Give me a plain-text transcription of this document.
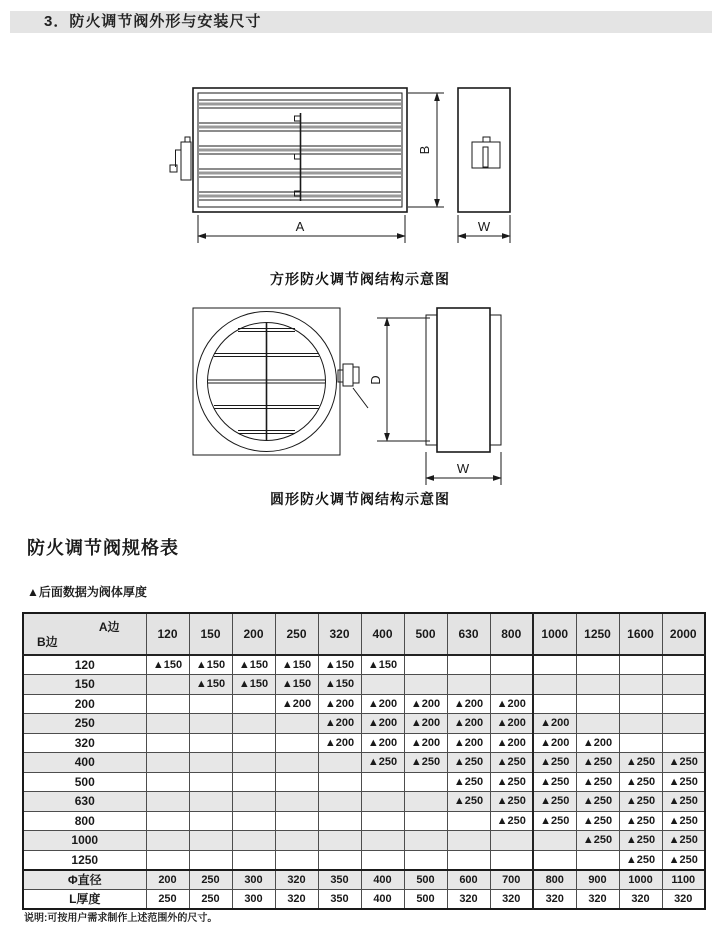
3．防火调节阀外形与安装尺寸
B
A	W
方形防火调节阀结构示意图
D
W
圆形防火调节阀结构示意图
防火调节阀规格表
▲后面数据为阀体厚度
A边
B边	120	150	200	250	320	400	500	630	800	1000	1250	1600	2000
120	▲150	▲150	▲150	▲150	▲150	▲150							
150		▲150	▲150	▲150	▲150								
200				▲200	▲200	▲200	▲200	▲200	▲200				
250					▲200	▲200	▲200	▲200	▲200	▲200			
320					▲200	▲200	▲200	▲200	▲200	▲200	▲200		
400						▲250	▲250	▲250	▲250	▲250	▲250	▲250	▲250
500								▲250	▲250	▲250	▲250	▲250	▲250
630								▲250	▲250	▲250	▲250	▲250	▲250
800									▲250	▲250	▲250	▲250	▲250
1000											▲250	▲250	▲250
1250												▲250	▲250
Φ直径	200	250	300	320	350	400	500	600	700	800	900	1000	1100
L厚度	250	250	300	320	350	400	500	320	320	320	320	320	320
说明:可按用户需求制作上述范围外的尺寸。
